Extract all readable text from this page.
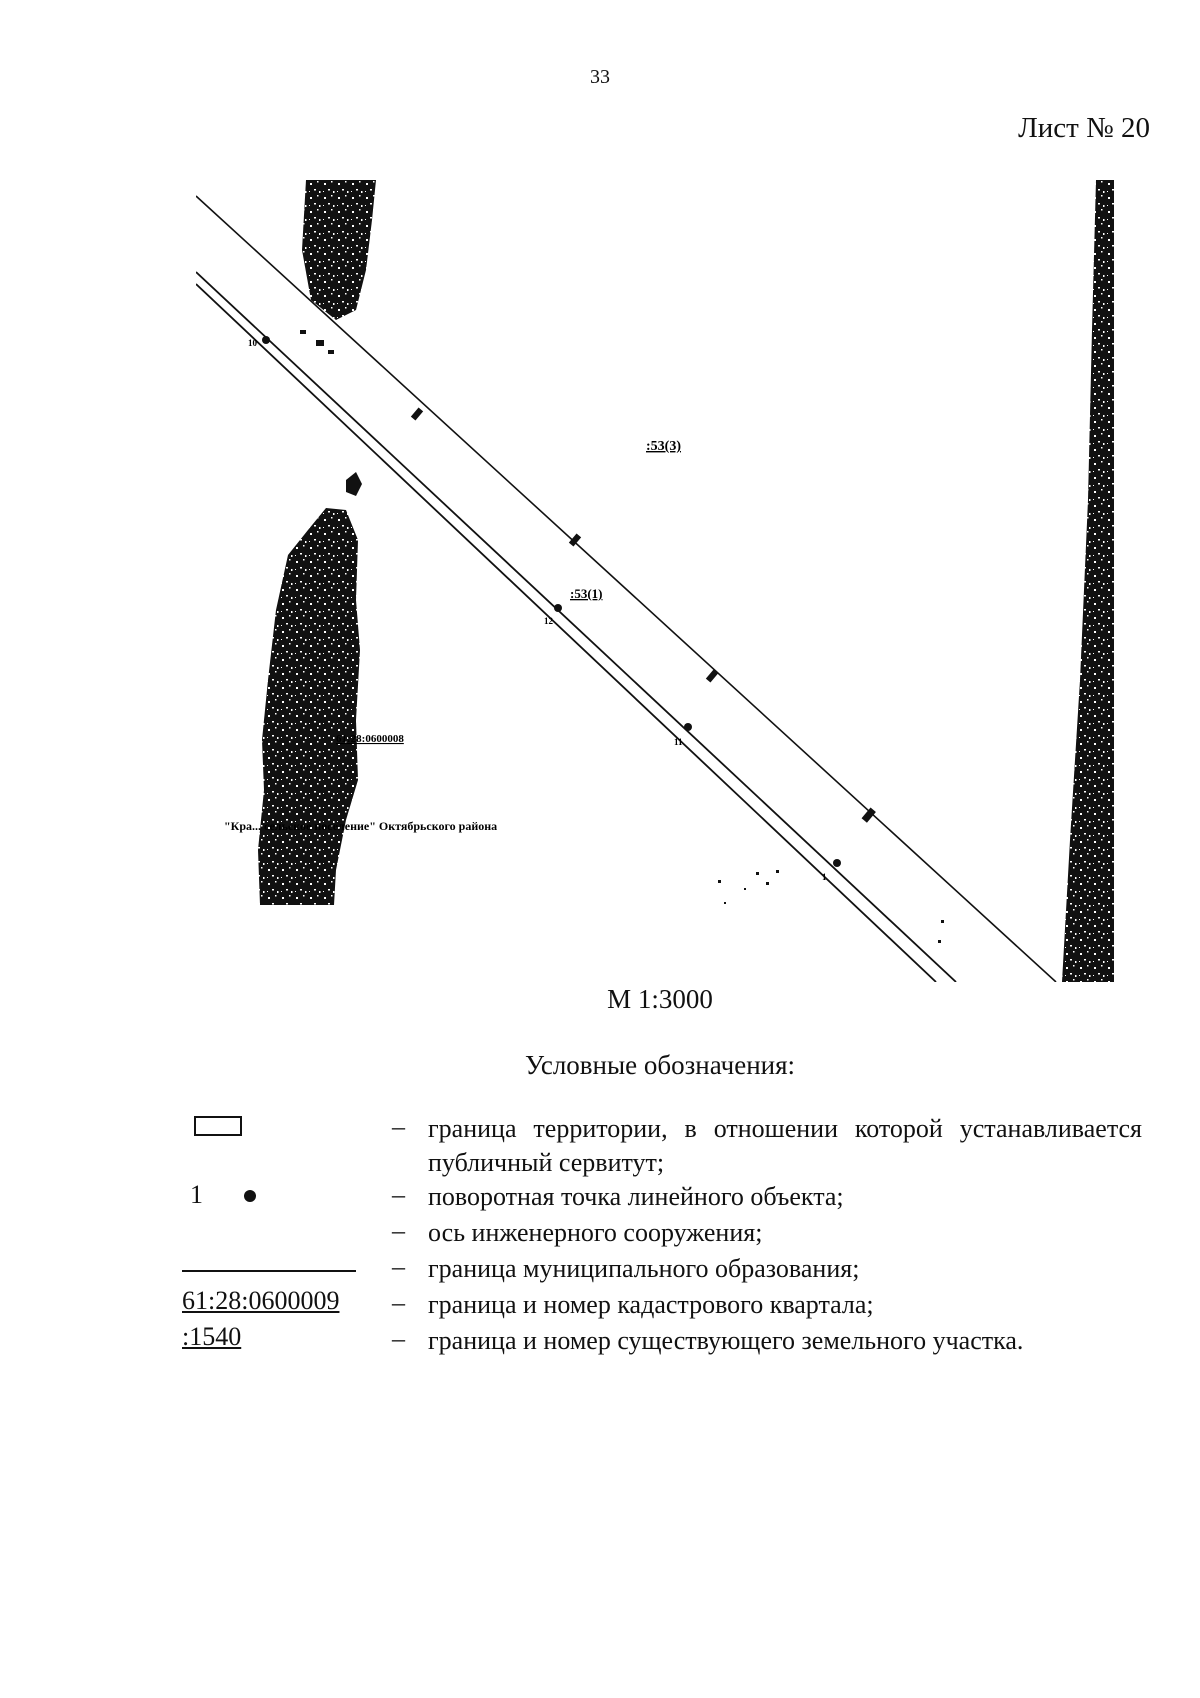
33
Лист № 20
:53(3)
:53(1)
61:28:0600008
"Кра... сельское поселение" Октябрьского района
10
12
11
1
М 1:3000
Условные обозначения:
– граница территории, в отношении которой устанавливается публичный сервитут;
1	– поворотная точка линейного объекта;
– ось инженерного сооружения;
– граница муниципального образования;
61:28:0600009	– граница и номер кадастрового квартала;
:1540	– граница и номер существующего земельного участка.
